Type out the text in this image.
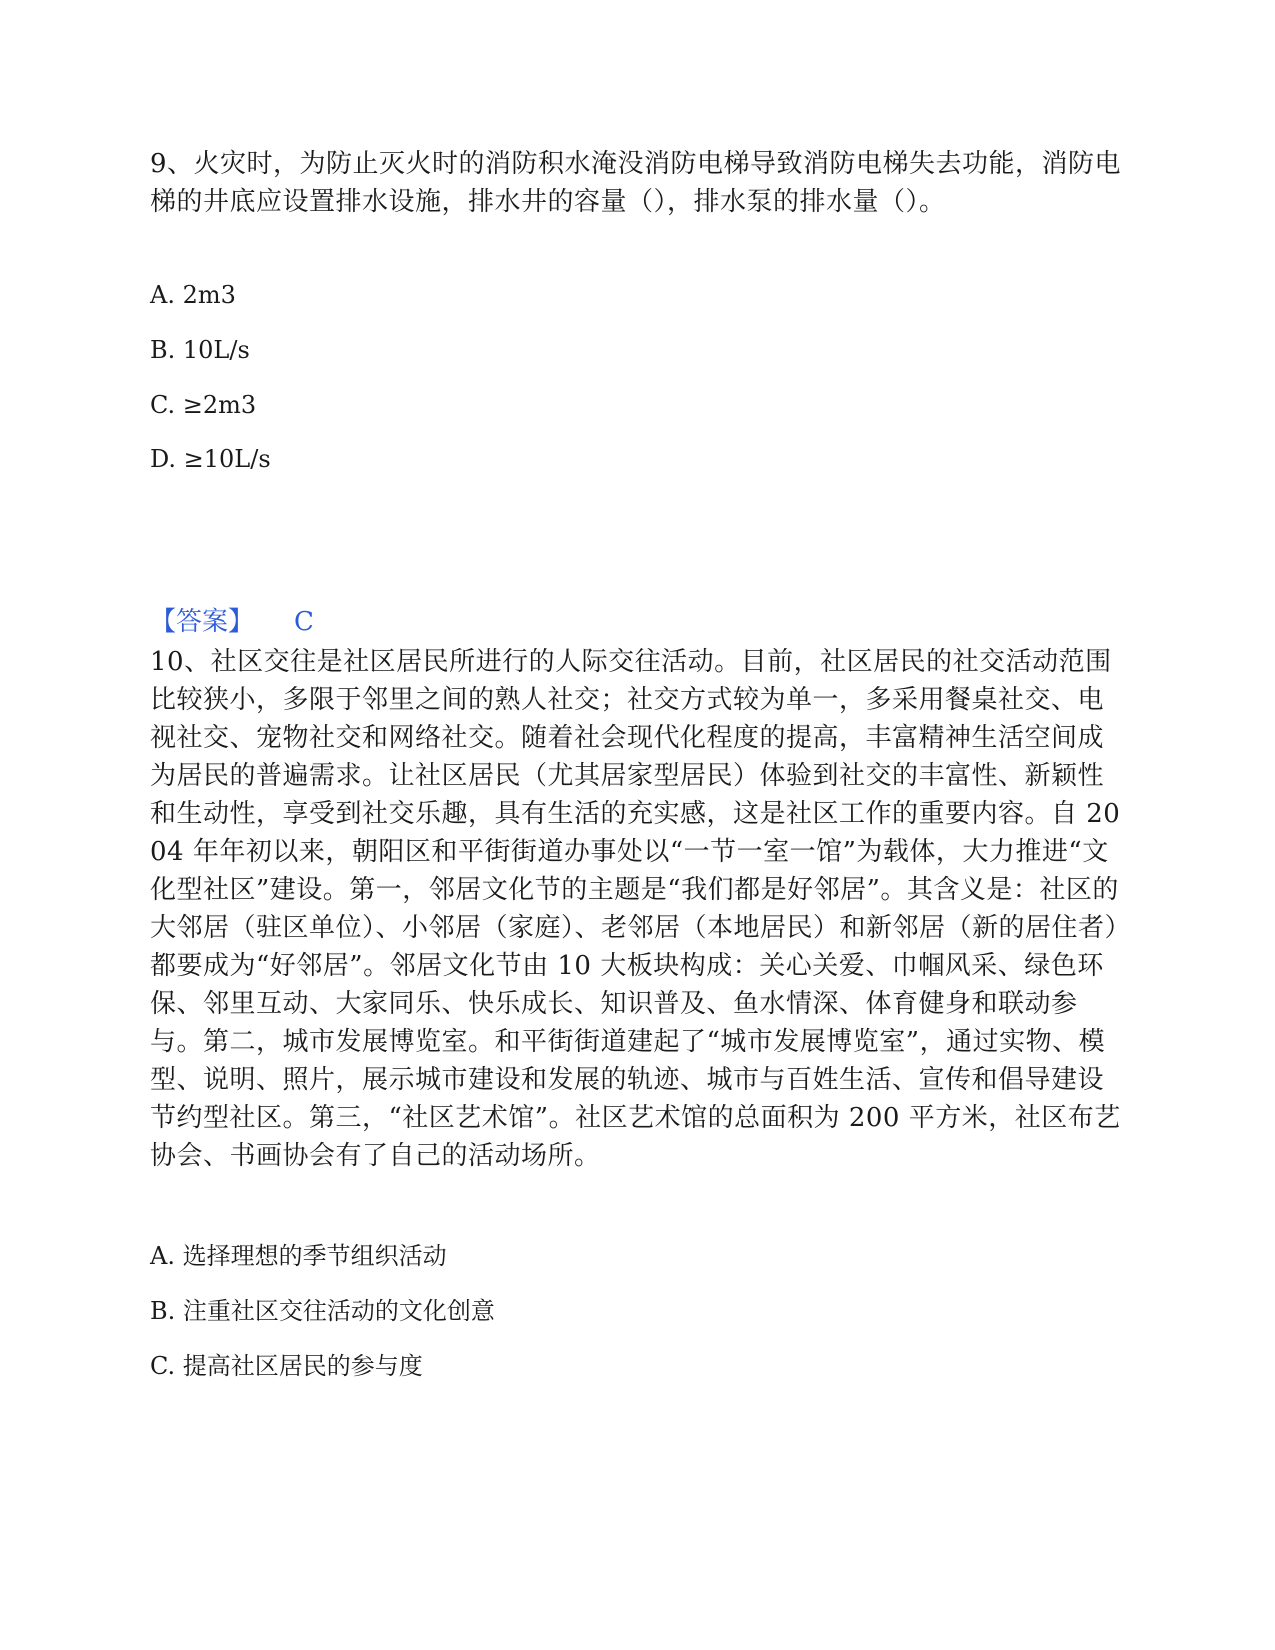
9、火灾时，为防止灭火时的消防积水淹没消防电梯导致消防电梯失去功能，消防电梯的井底应设置排水设施，排水井的容量（），排水泵的排水量（）。

A. 2m3

B. 10L/s

C. ≥2m3

D. ≥10L/s

【答案】 C

10、社区交往是社区居民所进行的人际交往活动。目前，社区居民的社交活动范围比较狭小，多限于邻里之间的熟人社交；社交方式较为单一，多采用餐桌社交、电视社交、宠物社交和网络社交。随着社会现代化程度的提高，丰富精神生活空间成为居民的普遍需求。让社区居民（尤其居家型居民）体验到社交的丰富性、新颖性和生动性，享受到社交乐趣，具有生活的充实感，这是社区工作的重要内容。自 2004 年年初以来，朝阳区和平街街道办事处以“一节一室一馆”为载体，大力推进“文化型社区”建设。第一，邻居文化节的主题是“我们都是好邻居”。其含义是：社区的大邻居（驻区单位）、小邻居（家庭）、老邻居（本地居民）和新邻居（新的居住者）都要成为“好邻居”。邻居文化节由 10 大板块构成：关心关爱、巾帼风采、绿色环保、邻里互动、大家同乐、快乐成长、知识普及、鱼水情深、体育健身和联动参与。第二，城市发展博览室。和平街街道建起了“城市发展博览室”，通过实物、模型、说明、照片，展示城市建设和发展的轨迹、城市与百姓生活、宣传和倡导建设节约型社区。第三，“社区艺术馆”。社区艺术馆的总面积为 200 平方米，社区布艺协会、书画协会有了自己的活动场所。

A. 选择理想的季节组织活动

B. 注重社区交往活动的文化创意

C. 提高社区居民的参与度
